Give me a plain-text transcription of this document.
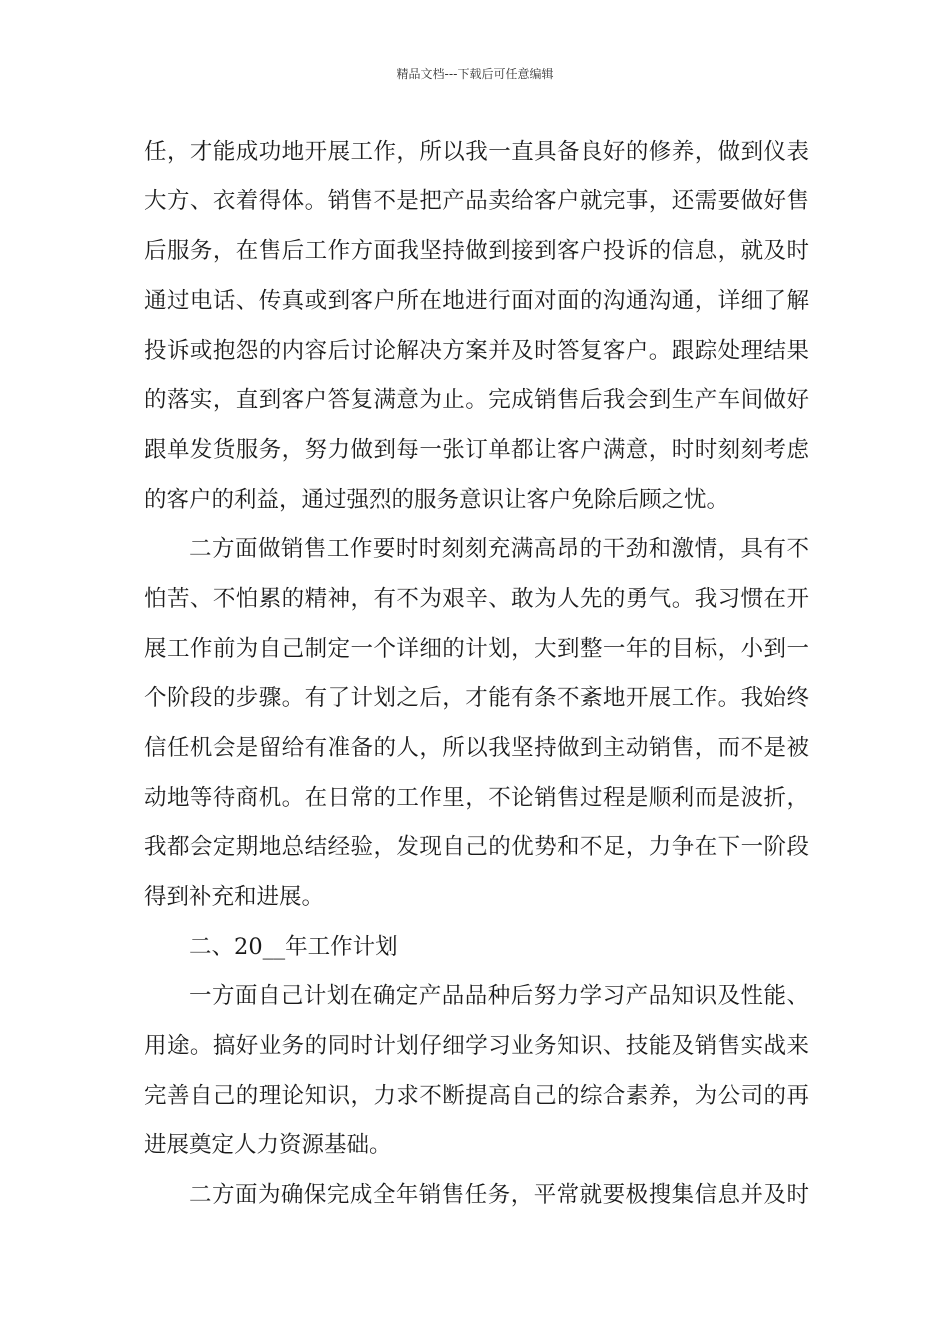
精品文档---下载后可任意编辑
任，才能成功地开展工作，所以我一直具备良好的修养，做到仪表
大方、衣着得体。销售不是把产品卖给客户就完事，还需要做好售
后服务，在售后工作方面我坚持做到接到客户投诉的信息，就及时
通过电话、传真或到客户所在地进行面对面的沟通沟通，详细了解
投诉或抱怨的内容后讨论解决方案并及时答复客户。跟踪处理结果
的落实，直到客户答复满意为止。完成销售后我会到生产车间做好
跟单发货服务，努力做到每一张订单都让客户满意，时时刻刻考虑
的客户的利益，通过强烈的服务意识让客户免除后顾之忧。
二方面做销售工作要时时刻刻充满高昂的干劲和激情，具有不
怕苦、不怕累的精神，有不为艰辛、敢为人先的勇气。我习惯在开
展工作前为自己制定一个详细的计划，大到整一年的目标，小到一
个阶段的步骤。有了计划之后，才能有条不紊地开展工作。我始终
信任机会是留给有准备的人，所以我坚持做到主动销售，而不是被
动地等待商机。在日常的工作里，不论销售过程是顺利而是波折，
我都会定期地总结经验，发现自己的优势和不足，力争在下一阶段
得到补充和进展。
二、20__年工作计划
一方面自己计划在确定产品品种后努力学习产品知识及性能、
用途。搞好业务的同时计划仔细学习业务知识、技能及销售实战来
完善自己的理论知识，力求不断提高自己的综合素养，为公司的再
进展奠定人力资源基础。
二方面为确保完成全年销售任务，平常就要极搜集信息并及时
